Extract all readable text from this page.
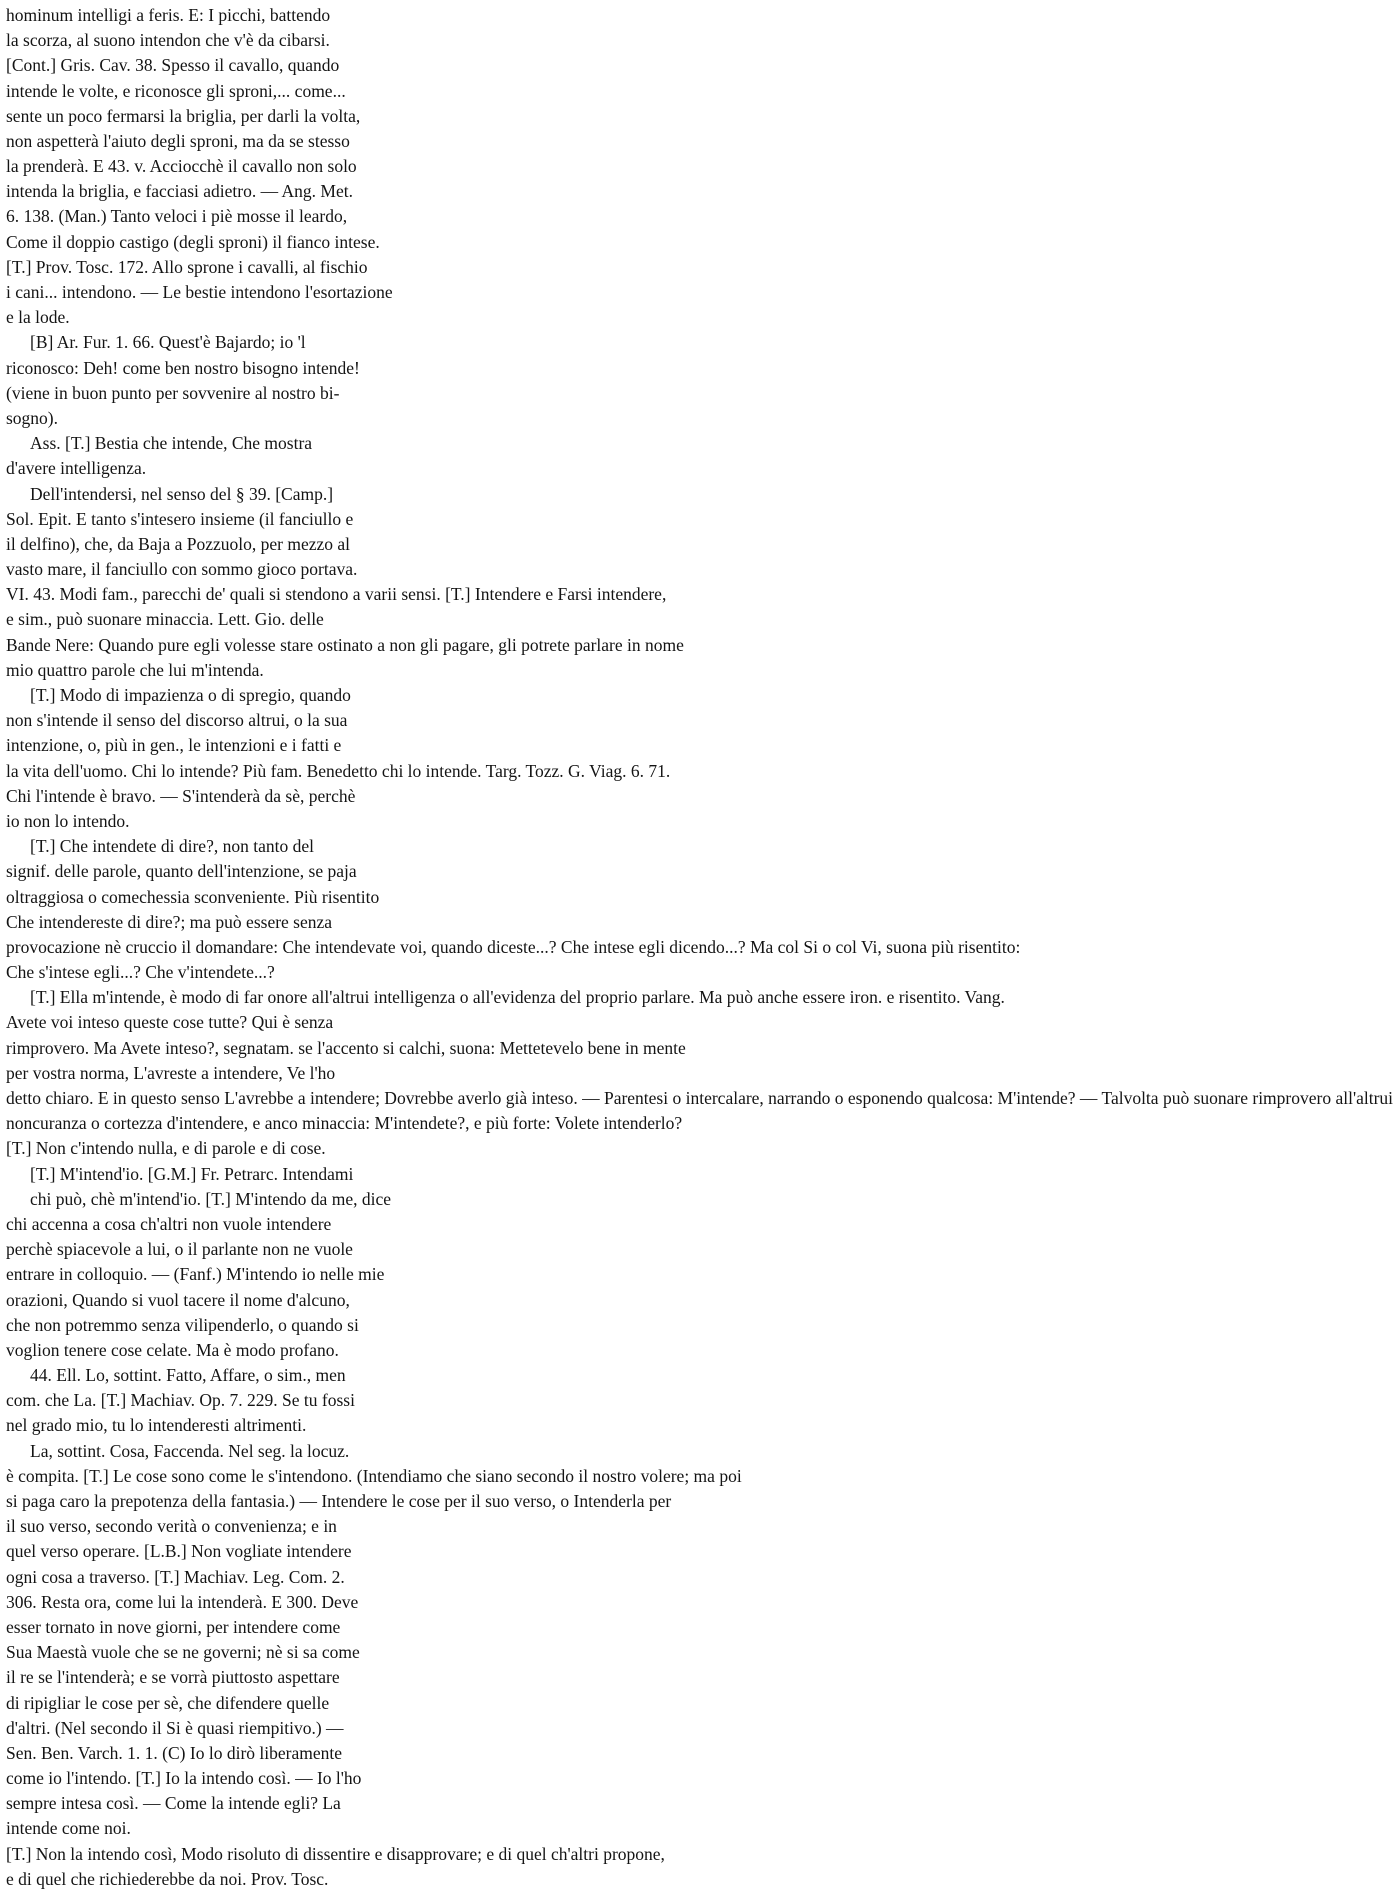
hominum intelligi a feris. E: I picchi, battendo
la scorza, al suono intendon che v'è da cibarsi.
[Cont.] Gris. Cav. 38. Spesso il cavallo, quando
intende le volte, e riconosce gli sproni,... come...
sente un poco fermarsi la briglia, per darli la volta,
non aspetterà l'aiuto degli sproni, ma da se stesso
la prenderà. E 43. v. Acciocchè il cavallo non solo
intenda la briglia, e facciasi adietro. — Ang. Met.
6. 138. (Man.) Tanto veloci i piè mosse il leardo,
Come il doppio castigo (degli sproni) il fianco intese.
[T.] Prov. Tosc. 172. Allo sprone i cavalli, al fischio
i cani... intendono. — Le bestie intendono l'esortazione
e la lode.
[B] Ar. Fur. 1. 66. Quest'è Bajardo; io 'l
riconosco: Deh! come ben nostro bisogno intende!
(viene in buon punto per sovvenire al nostro bi-
sogno).
Ass. [T.] Bestia che intende, Che mostra
d'avere intelligenza.
Dell'intendersi, nel senso del § 39. [Camp.]
Sol. Epit. E tanto s'intesero insieme (il fanciullo e
il delfino), che, da Baja a Pozzuolo, per mezzo al
vasto mare, il fanciullo con sommo gioco portava.
VI. 43. Modi fam., parecchi de' quali si stendono a varii sensi. [T.] Intendere e Farsi intendere,
e sim., può suonare minaccia. Lett. Gio. delle
Bande Nere: Quando pure egli volesse stare ostinato a non gli pagare, gli potrete parlare in nome
mio quattro parole che lui m'intenda.
[T.] Modo di impazienza o di spregio, quando
non s'intende il senso del discorso altrui, o la sua
intenzione, o, più in gen., le intenzioni e i fatti e
la vita dell'uomo. Chi lo intende? Più fam. Benedetto chi lo intende. Targ. Tozz. G. Viag. 6. 71.
Chi l'intende è bravo. — S'intenderà da sè, perchè
io non lo intendo.
[T.] Che intendete di dire?, non tanto del
signif. delle parole, quanto dell'intenzione, se paja
oltraggiosa o comechessia sconveniente. Più risentito
Che intendereste di dire?; ma può essere senza
provocazione nè cruccio il domandare: Che intendevate voi, quando diceste...? Che intese egli dicendo...? Ma col Si o col Vi, suona più risentito:
Che s'intese egli...? Che v'intendete...?
[T.] Ella m'intende, è modo di far onore all'altrui intelligenza o all'evidenza del proprio parlare. Ma può anche essere iron. e risentito. Vang.
Avete voi inteso queste cose tutte? Qui è senza
rimprovero. Ma Avete inteso?, segnatam. se l'accento si calchi, suona: Mettetevelo bene in mente
per vostra norma, L'avreste a intendere, Ve l'ho
detto chiaro. E in questo senso L'avrebbe a intendere; Dovrebbe averlo già inteso. — Parentesi o intercalare, narrando o esponendo qualcosa: M'intende? — Talvolta può suonare rimprovero all'altrui
noncuranza o cortezza d'intendere, e anco minaccia: M'intendete?, e più forte: Volete intenderlo?
[T.] Non c'intendo nulla, e di parole e di cose.
[T.] M'intend'io. [G.M.] Fr. Petrarc. Intendami
chi può, chè m'intend'io. [T.] M'intendo da me, dice
chi accenna a cosa ch'altri non vuole intendere
perchè spiacevole a lui, o il parlante non ne vuole
entrare in colloquio. — (Fanf.) M'intendo io nelle mie
orazioni, Quando si vuol tacere il nome d'alcuno,
che non potremmo senza vilipenderlo, o quando si
voglion tenere cose celate. Ma è modo profano.
44. Ell. Lo, sottint. Fatto, Affare, o sim., men
com. che La. [T.] Machiav. Op. 7. 229. Se tu fossi
nel grado mio, tu lo intenderesti altrimenti.
La, sottint. Cosa, Faccenda. Nel seg. la locuz.
è compita. [T.] Le cose sono come le s'intendono. (Intendiamo che siano secondo il nostro volere; ma poi
si paga caro la prepotenza della fantasia.) — Intendere le cose per il suo verso, o Intenderla per
il suo verso, secondo verità o convenienza; e in
quel verso operare. [L.B.] Non vogliate intendere
ogni cosa a traverso. [T.] Machiav. Leg. Com. 2.
306. Resta ora, come lui la intenderà. E 300. Deve
esser tornato in nove giorni, per intendere come
Sua Maestà vuole che se ne governi; nè si sa come
il re se l'intenderà; e se vorrà piuttosto aspettare
di ripigliar le cose per sè, che difendere quelle
d'altri. (Nel secondo il Si è quasi riempitivo.) —
Sen. Ben. Varch. 1. 1. (C) Io lo dirò liberamente
come io l'intendo. [T.] Io la intendo così. — Io l'ho
sempre intesa così. — Come la intende egli? La
intende come noi.
[T.] Non la intendo così, Modo risoluto di dissentire e disapprovare; e di quel ch'altri propone,
e di quel che richiederebbe da noi. Prov. Tosc.
